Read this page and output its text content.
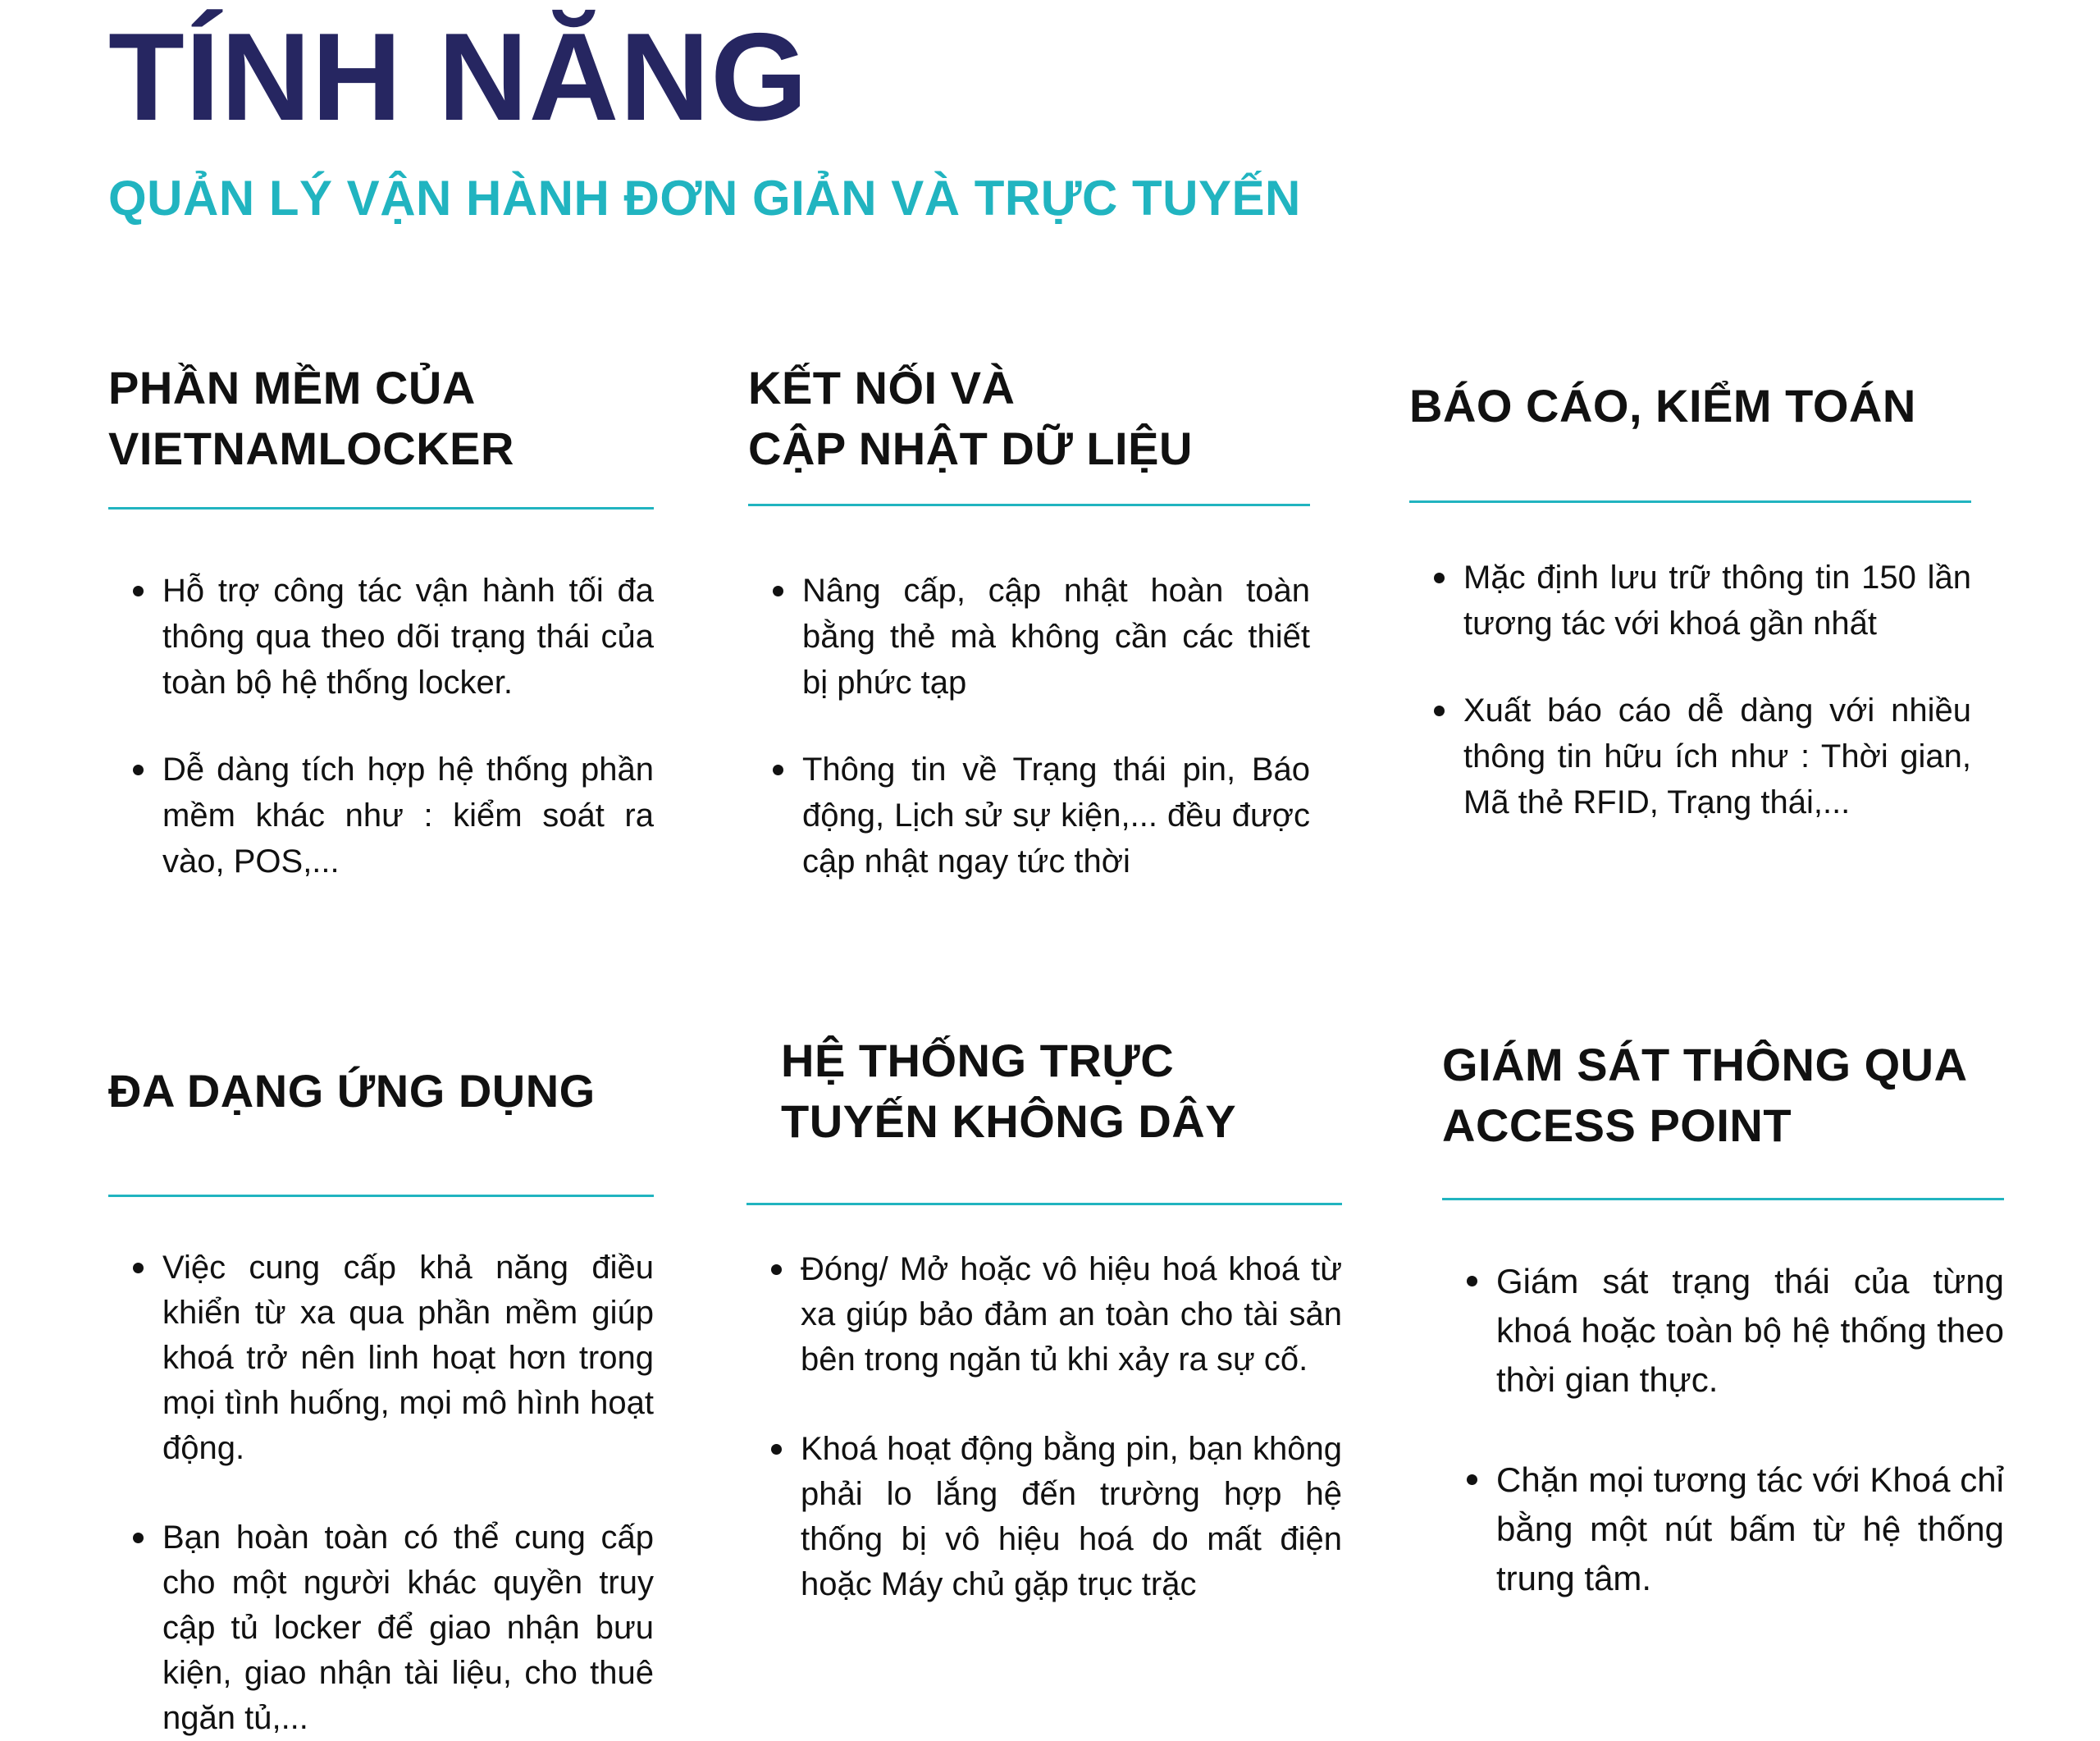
TÍNH NĂNG
QUẢN LÝ VẬN HÀNH ĐƠN GIẢN VÀ TRỰC TUYẾN

PHẦN MỀM CỦA

VIETNAMLOCKER

Hỗ trợ công tác vận hành tối đa thông qua theo dõi trạng thái của toàn bộ hệ thống locker.
Dễ dàng tích hợp hệ thống phần mềm khác như : kiểm soát ra vào, POS,...

KẾT NỐI VÀ

CẬP NHẬT DỮ LIỆU

Nâng cấp, cập nhật hoàn toàn bằng thẻ mà không cần các thiết bị phức tạp
Thông tin về Trạng thái pin, Báo động, Lịch sử sự kiện,... đều được cập nhật ngay tức thời

BÁO CÁO, KIỂM TOÁN

Mặc định lưu trữ thông tin 150 lần tương tác với khoá gần nhất
Xuất báo cáo dễ dàng với nhiều thông tin hữu ích như : Thời gian, Mã thẻ RFID, Trạng thái,...

ĐA DẠNG ỨNG DỤNG

Việc cung cấp khả năng điều khiển từ xa qua phần mềm giúp khoá trở nên linh hoạt hơn trong mọi tình huống, mọi mô hình hoạt động.
Bạn hoàn toàn có thể cung cấp cho một người khác quyền truy cập tủ locker để giao nhận bưu kiện, giao nhận tài liệu, cho thuê ngăn tủ,...

HỆ THỐNG TRỰC

TUYẾN KHÔNG DÂY

Đóng/ Mở hoặc vô hiệu hoá khoá từ xa giúp bảo đảm an toàn cho tài sản bên trong ngăn tủ khi xảy ra sự cố.
Khoá hoạt động bằng pin, bạn không phải lo lắng đến trường hợp hệ thống bị vô hiệu hoá do mất điện hoặc Máy chủ gặp trục trặc

GIÁM SÁT THÔNG QUA

ACCESS POINT

Giám sát trạng thái của từng khoá hoặc toàn bộ hệ thống theo thời gian thực.
Chặn mọi tương tác với Khoá chỉ bằng một nút bấm từ hệ thống trung tâm.
